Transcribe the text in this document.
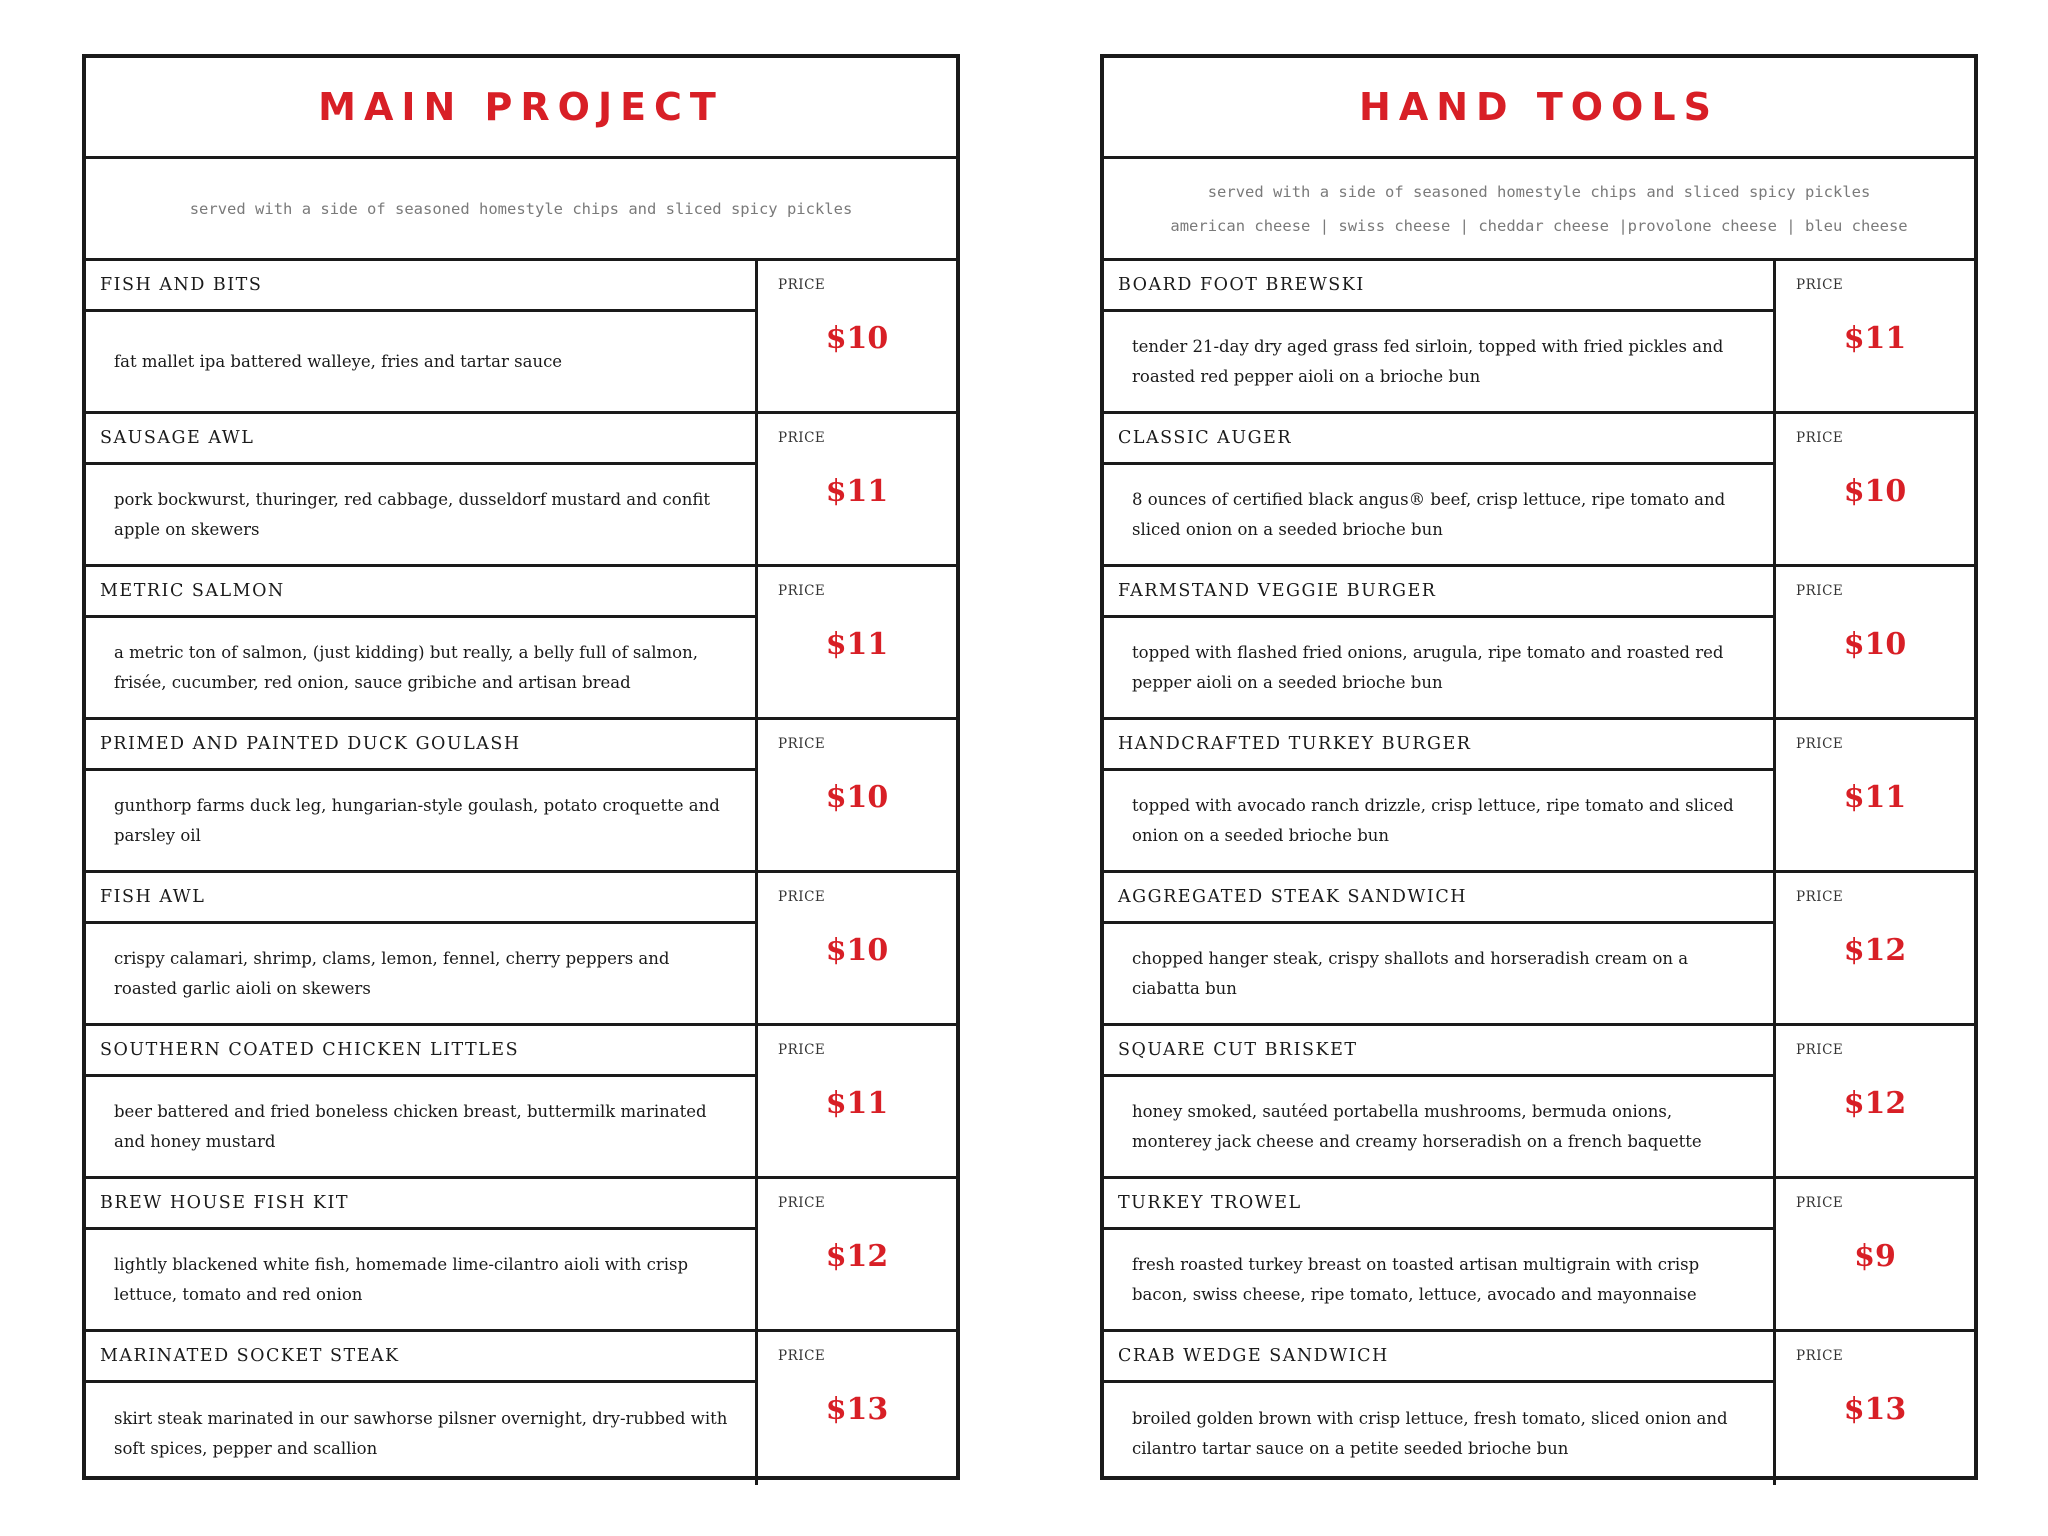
MAIN PROJECT
served with a side of seasoned homestyle chips and sliced spicy pickles
FISH AND BITS
fat mallet ipa battered walleye, fries and tartar sauce
PRICE
$10
SAUSAGE AWL
pork bockwurst, thuringer, red cabbage, dusseldorf mustard and confit apple on skewers
PRICE
$11
METRIC SALMON
a metric ton of salmon, (just kidding) but really, a belly full of salmon, frisée, cucumber, red onion, sauce gribiche and artisan bread
PRICE
$11
PRIMED AND PAINTED DUCK GOULASH
gunthorp farms duck leg, hungarian-style goulash, potato croquette and parsley oil
PRICE
$10
FISH AWL
crispy calamari, shrimp, clams, lemon, fennel, cherry peppers and roasted garlic aioli on skewers
PRICE
$10
SOUTHERN COATED CHICKEN LITTLES
beer battered and fried boneless chicken breast, buttermilk marinated and honey mustard
PRICE
$11
BREW HOUSE FISH KIT
lightly blackened white fish, homemade lime-cilantro aioli with crisp lettuce, tomato and red onion
PRICE
$12
MARINATED SOCKET STEAK
skirt steak marinated in our sawhorse pilsner overnight, dry-rubbed with soft spices, pepper and scallion
PRICE
$13
HAND TOOLS
served with a side of seasoned homestyle chips and sliced spicy pickles
american cheese | swiss cheese | cheddar cheese |provolone cheese | bleu cheese
BOARD FOOT BREWSKI
tender 21-day dry aged grass fed sirloin, topped with fried pickles and roasted red pepper aioli on a brioche bun
PRICE
$11
CLASSIC AUGER
8 ounces of certified black angus® beef, crisp lettuce, ripe tomato and sliced onion on a seeded brioche bun
PRICE
$10
FARMSTAND VEGGIE BURGER
topped with flashed fried onions, arugula, ripe tomato and roasted red pepper aioli on a seeded brioche bun
PRICE
$10
HANDCRAFTED TURKEY BURGER
topped with avocado ranch drizzle, crisp lettuce, ripe tomato and sliced onion on a seeded brioche bun
PRICE
$11
AGGREGATED STEAK SANDWICH
chopped hanger steak, crispy shallots and horseradish cream on a ciabatta bun
PRICE
$12
SQUARE CUT BRISKET
honey smoked, sautéed portabella mushrooms, bermuda onions, monterey jack cheese and creamy horseradish on a french baquette
PRICE
$12
TURKEY TROWEL
fresh roasted turkey breast on toasted artisan multigrain with crisp bacon, swiss cheese, ripe tomato, lettuce, avocado and mayonnaise
PRICE
$9
CRAB WEDGE SANDWICH
broiled golden brown with crisp lettuce, fresh tomato, sliced onion and cilantro tartar sauce on a petite seeded brioche bun
PRICE
$13
